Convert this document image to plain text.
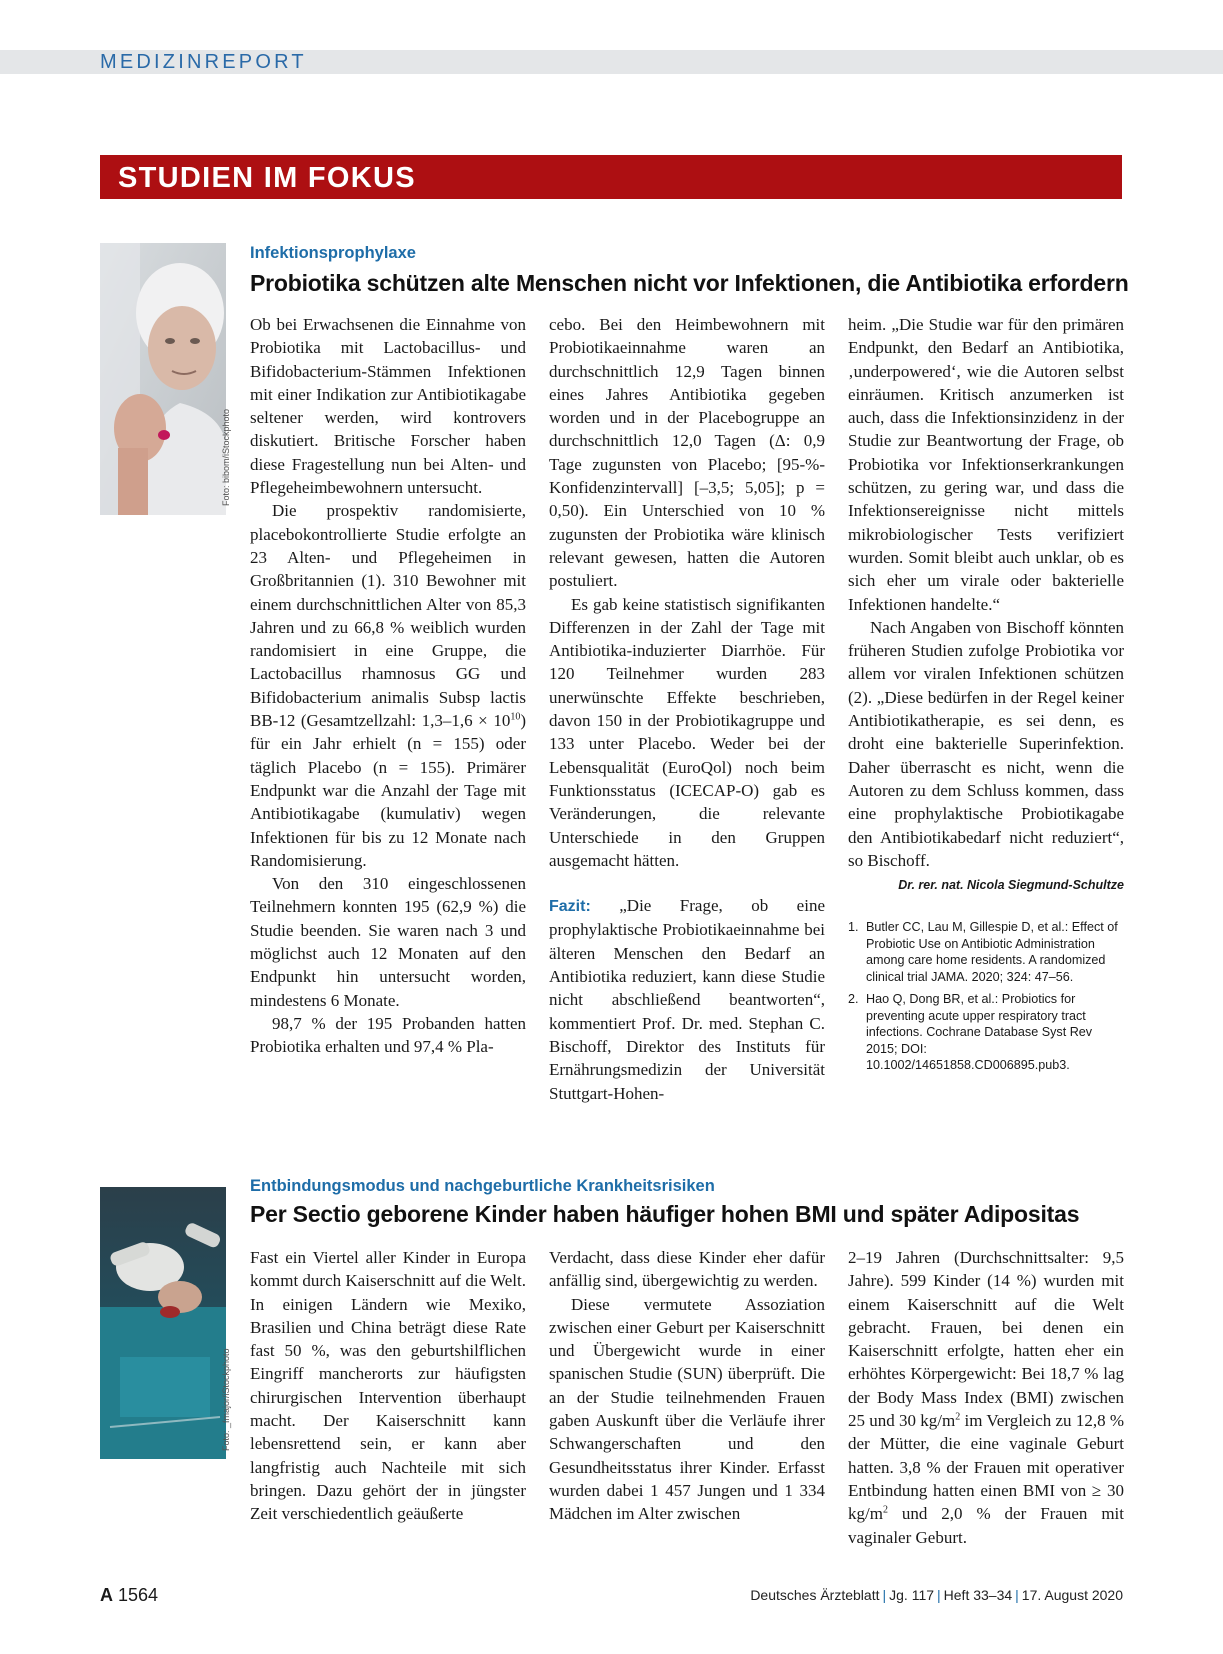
MEDIZINREPORT
STUDIEN IM FOKUS
Foto: bibom/iStockphoto
Infektionsprophylaxe
Probiotika schützen alte Menschen nicht vor Infektionen, die Antibiotika erfordern

Ob bei Erwachsenen die Einnahme von Probiotika mit Lactobacillus- und Bifidobacterium-Stämmen Infektionen mit einer Indikation zur Antibiotikagabe seltener werden, wird kontrovers diskutiert. Britische Forscher haben diese Fragestellung nun bei Alten- und Pflegeheimbewohnern untersucht.

Die prospektiv randomisierte, placebokontrollierte Studie erfolgte an 23 Alten- und Pflegeheimen in Großbritannien (1). 310 Bewohner mit einem durchschnittlichen Alter von 85,3 Jahren und zu 66,8 % weiblich wurden randomisiert in eine Gruppe, die Lactobacillus rhamnosus GG und Bifidobacterium animalis Subsp lactis BB-12 (Gesamtzellzahl: $1,3-1,6 \times 10^{10}$) für ein Jahr erhielt (n = 155) oder täglich Placebo (n = 155). Primärer Endpunkt war die Anzahl der Tage mit Antibiotikagabe (kumulativ) wegen Infektionen für bis zu 12 Monate nach Randomisierung.

Von den 310 eingeschlossenen Teilnehmern konnten 195 (62,9 %) die Studie beenden. Sie waren nach 3 und möglichst auch 12 Monaten auf den Endpunkt hin untersucht worden, mindestens 6 Monate.

98,7 % der 195 Probanden hatten Probiotika erhalten und 97,4 % Pla-

cebo. Bei den Heimbewohnern mit Probiotikaeinnahme waren an durchschnittlich 12,9 Tagen binnen eines Jahres Antibiotika gegeben worden und in der Placebogruppe an durchschnittlich 12,0 Tagen (Δ: 0,9 Tage zugunsten von Placebo; [95-%-Konfidenzintervall] [–3,5; 5,05]; p = 0,50). Ein Unterschied von 10 % zugunsten der Probiotika wäre klinisch relevant gewesen, hatten die Autoren postuliert.

Es gab keine statistisch signifikanten Differenzen in der Zahl der Tage mit Antibiotika-induzierter Diarrhöe. Für 120 Teilnehmer wurden 283 unerwünschte Effekte beschrieben, davon 150 in der Probiotikagruppe und 133 unter Placebo. Weder bei der Lebensqualität (EuroQol) noch beim Funktionsstatus (ICECAP-O) gab es Veränderungen, die relevante Unterschiede in den Gruppen ausgemacht hätten.

Fazit: „Die Frage, ob eine prophylaktische Probiotikaeinnahme bei älteren Menschen den Bedarf an Antibiotika reduziert, kann diese Studie nicht abschließend beantworten“, kommentiert Prof. Dr. med. Stephan C. Bischoff, Direktor des Instituts für Ernährungsmedizin der Universität Stuttgart-Hohen-

heim. „Die Studie war für den primären Endpunkt, den Bedarf an Antibiotika, ‚underpowered‘, wie die Autoren selbst einräumen. Kritisch anzumerken ist auch, dass die Infektionsinzidenz in der Studie zur Beantwortung der Frage, ob Probiotika vor Infektionserkrankungen schützen, zu gering war, und dass die Infektionsereignisse nicht mittels mikrobiologischer Tests verifiziert wurden. Somit bleibt auch unklar, ob es sich eher um virale oder bakterielle Infektionen handelte.“

Nach Angaben von Bischoff könnten früheren Studien zufolge Probiotika vor allem vor viralen Infektionen schützen (2). „Diese bedürfen in der Regel keiner Antibiotikatherapie, es sei denn, es droht eine bakterielle Superinfektion. Daher überrascht es nicht, wenn die Autoren zu dem Schluss kommen, dass eine prophylaktische Probiotikagabe den Antibiotikabedarf nicht reduziert“, so Bischoff.

Dr. rer. nat. Nicola Siegmund-Schultze
1. Butler CC, Lau M, Gillespie D, et al.: Effect of Probiotic Use on Antibiotic Administration among care home residents. A randomized clinical trial JAMA. 2020; 324: 47–56.
2. Hao Q, Dong BR, et al.: Probiotics for preventing acute upper respiratory tract infections. Cochrane Database Syst Rev 2015; DOI: 10.1002/14651858.CD006895.pub3.
Foto: _fmajor/iStockphoto
Entbindungsmodus und nachgeburtliche Krankheitsrisiken
Per Sectio geborene Kinder haben häufiger hohen BMI und später Adipositas

Fast ein Viertel aller Kinder in Europa kommt durch Kaiserschnitt auf die Welt. In einigen Ländern wie Mexiko, Brasilien und China beträgt diese Rate fast 50 %, was den geburtshilflichen Eingriff mancherorts zur häufigsten chirurgischen Intervention überhaupt macht. Der Kaiserschnitt kann lebensrettend sein, er kann aber langfristig auch Nachteile mit sich bringen. Dazu gehört der in jüngster Zeit verschiedentlich geäußerte

Verdacht, dass diese Kinder eher dafür anfällig sind, übergewichtig zu werden.

Diese vermutete Assoziation zwischen einer Geburt per Kaiserschnitt und Übergewicht wurde in einer spanischen Studie (SUN) überprüft. Die an der Studie teilnehmenden Frauen gaben Auskunft über die Verläufe ihrer Schwangerschaften und den Gesundheitsstatus ihrer Kinder. Erfasst wurden dabei 1 457 Jungen und 1 334 Mädchen im Alter zwischen

2–19 Jahren (Durchschnittsalter: 9,5 Jahre). 599 Kinder (14 %) wurden mit einem Kaiserschnitt auf die Welt gebracht. Frauen, bei denen ein Kaiserschnitt erfolgte, hatten eher ein erhöhtes Körpergewicht: Bei 18,7 % lag der Body Mass Index (BMI) zwischen 25 und 30 $kg/m^2$ im Vergleich zu 12,8 % der Mütter, die eine vaginale Geburt hatten. 3,8 % der Frauen mit operativer Entbindung hatten einen BMI von ≥ 30 $kg/m^2$ und 2,0 % der Frauen mit vaginaler Geburt.

A 1564	Deutsches Ärzteblatt | Jg. 117 | Heft 33–34 | 17. August 2020
